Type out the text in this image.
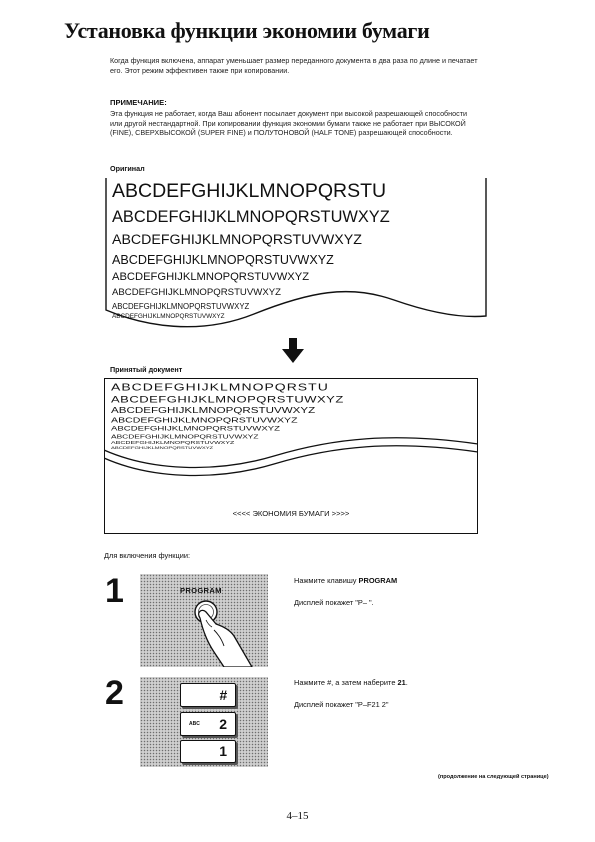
Установка функции экономии бумаги
Когда функция включена, аппарат уменьшает размер переданного документа в два раза по длине и печатает
его. Этот режим эффективен также при копировании.
ПРИМЕЧАНИЕ:
Эта функция не работает, когда Ваш абонент посылает документ при высокой разрешающей способности
или другой нестандартной. При копировании функция экономии бумаги также не работает при ВЫСОКОЙ
(FINE), СВЕРХВЫСОКОЙ (SUPER FINE) и ПОЛУТОНОВОЙ (HALF TONE) разрешающей способности.
Оригинал
ABCDEFGHIJKLMNOPQRSTU
ABCDEFGHIJKLMNOPQRSTUWXYZ
ABCDEFGHIJKLMNOPQRSTUVWXYZ
ABCDEFGHIJKLMNOPQRSTUVWXYZ
ABCDEFGHIJKLMNOPQRSTUVWXYZ
ABCDEFGHIJKLMNOPQRSTUVWXYZ
ABCDEFGHIJKLMNOPQRSTUVWXYZ
ABCDEFGHIJKLMNOPQRSTUVWXYZ
Принятый документ
ABCDEFGHIJKLMNOPQRSTU
ABCDEFGHIJKLMNOPQRSTUWXYZ
ABCDEFGHIJKLMNOPQRSTUVWXYZ
ABCDEFGHIJKLMNOPQRSTUVWXYZ
ABCDEFGHIJKLMNOPQRSTUVWXYZ
ABCDEFGHIJKLMNOPQRSTUVWXYZ
ABCDEFGHIJKLMNOPQRSTUVWXYZ
ABCDEFGHIJKLMNOPQRSTUVWXYZ
<<<< ЭКОНОМИЯ БУМАГИ >>>>
Для включения функции:
1	PROGRAM
Нажмите клавишу PROGRAM
Дисплей покажет "P– ".
2	#
ABC 2
1
Нажмите #, а затем наберите 21.
Дисплей покажет "P–F21 2"
(продолжение на следующей странице)
4–15
